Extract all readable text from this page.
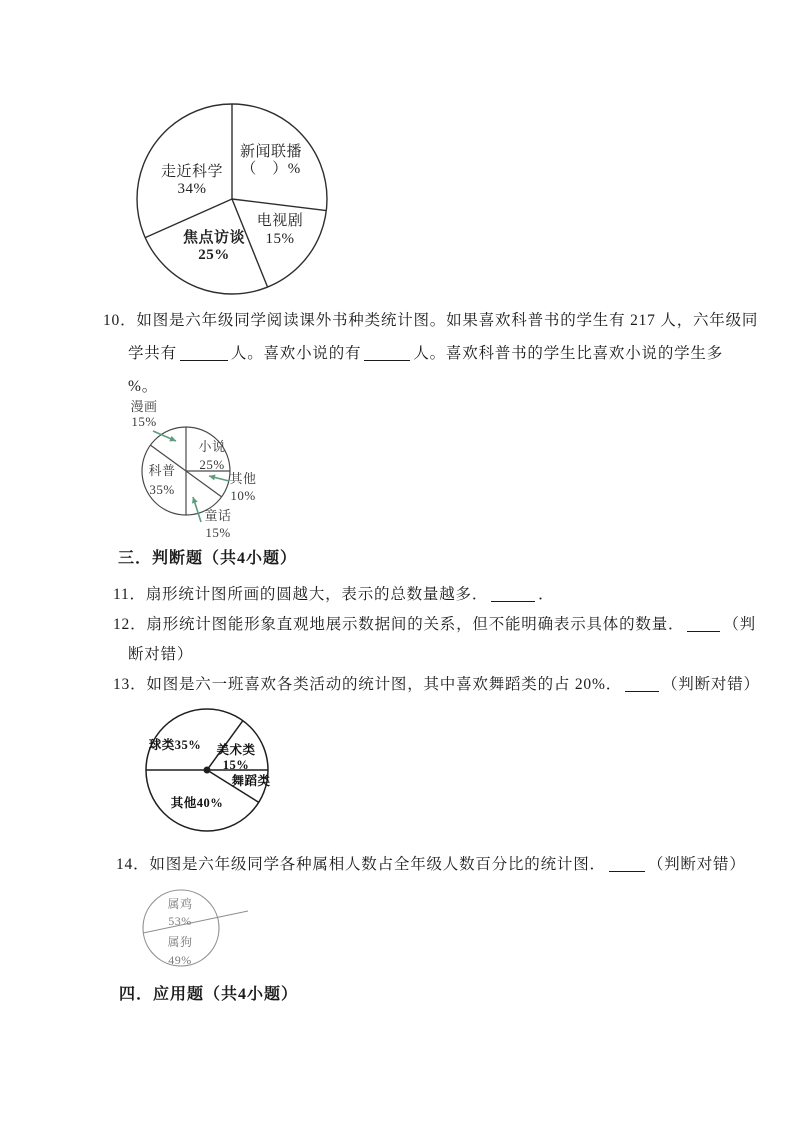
新闻联播（　）%
电视剧 15%
焦点访谈 25%
走近科学 34%
漫画 15%
小说 25%
科普 35%
其他 10%
童话 15%
球类35% 美术类 15%
舞蹈类
其他40%
属鸡 53%
属狗 49%
10．如图是六年级同学阅读课外书种类统计图。如果喜欢科普书的学生有 217 人，六年级同
学共有	人。喜欢小说的有	人。喜欢科普书的学生比喜欢小说的学生多
%。
三．判断题（共4小题）
11．扇形统计图所画的圆越大，表示的总数量越多．	．
12．扇形统计图能形象直观地展示数据间的关系，但不能明确表示具体的数量．	（判
断对错）
13．如图是六一班喜欢各类活动的统计图，其中喜欢舞蹈类的占 20%．	（判断对错）
14．如图是六年级同学各种属相人数占全年级人数百分比的统计图．	（判断对错）
四．应用题（共4小题）
